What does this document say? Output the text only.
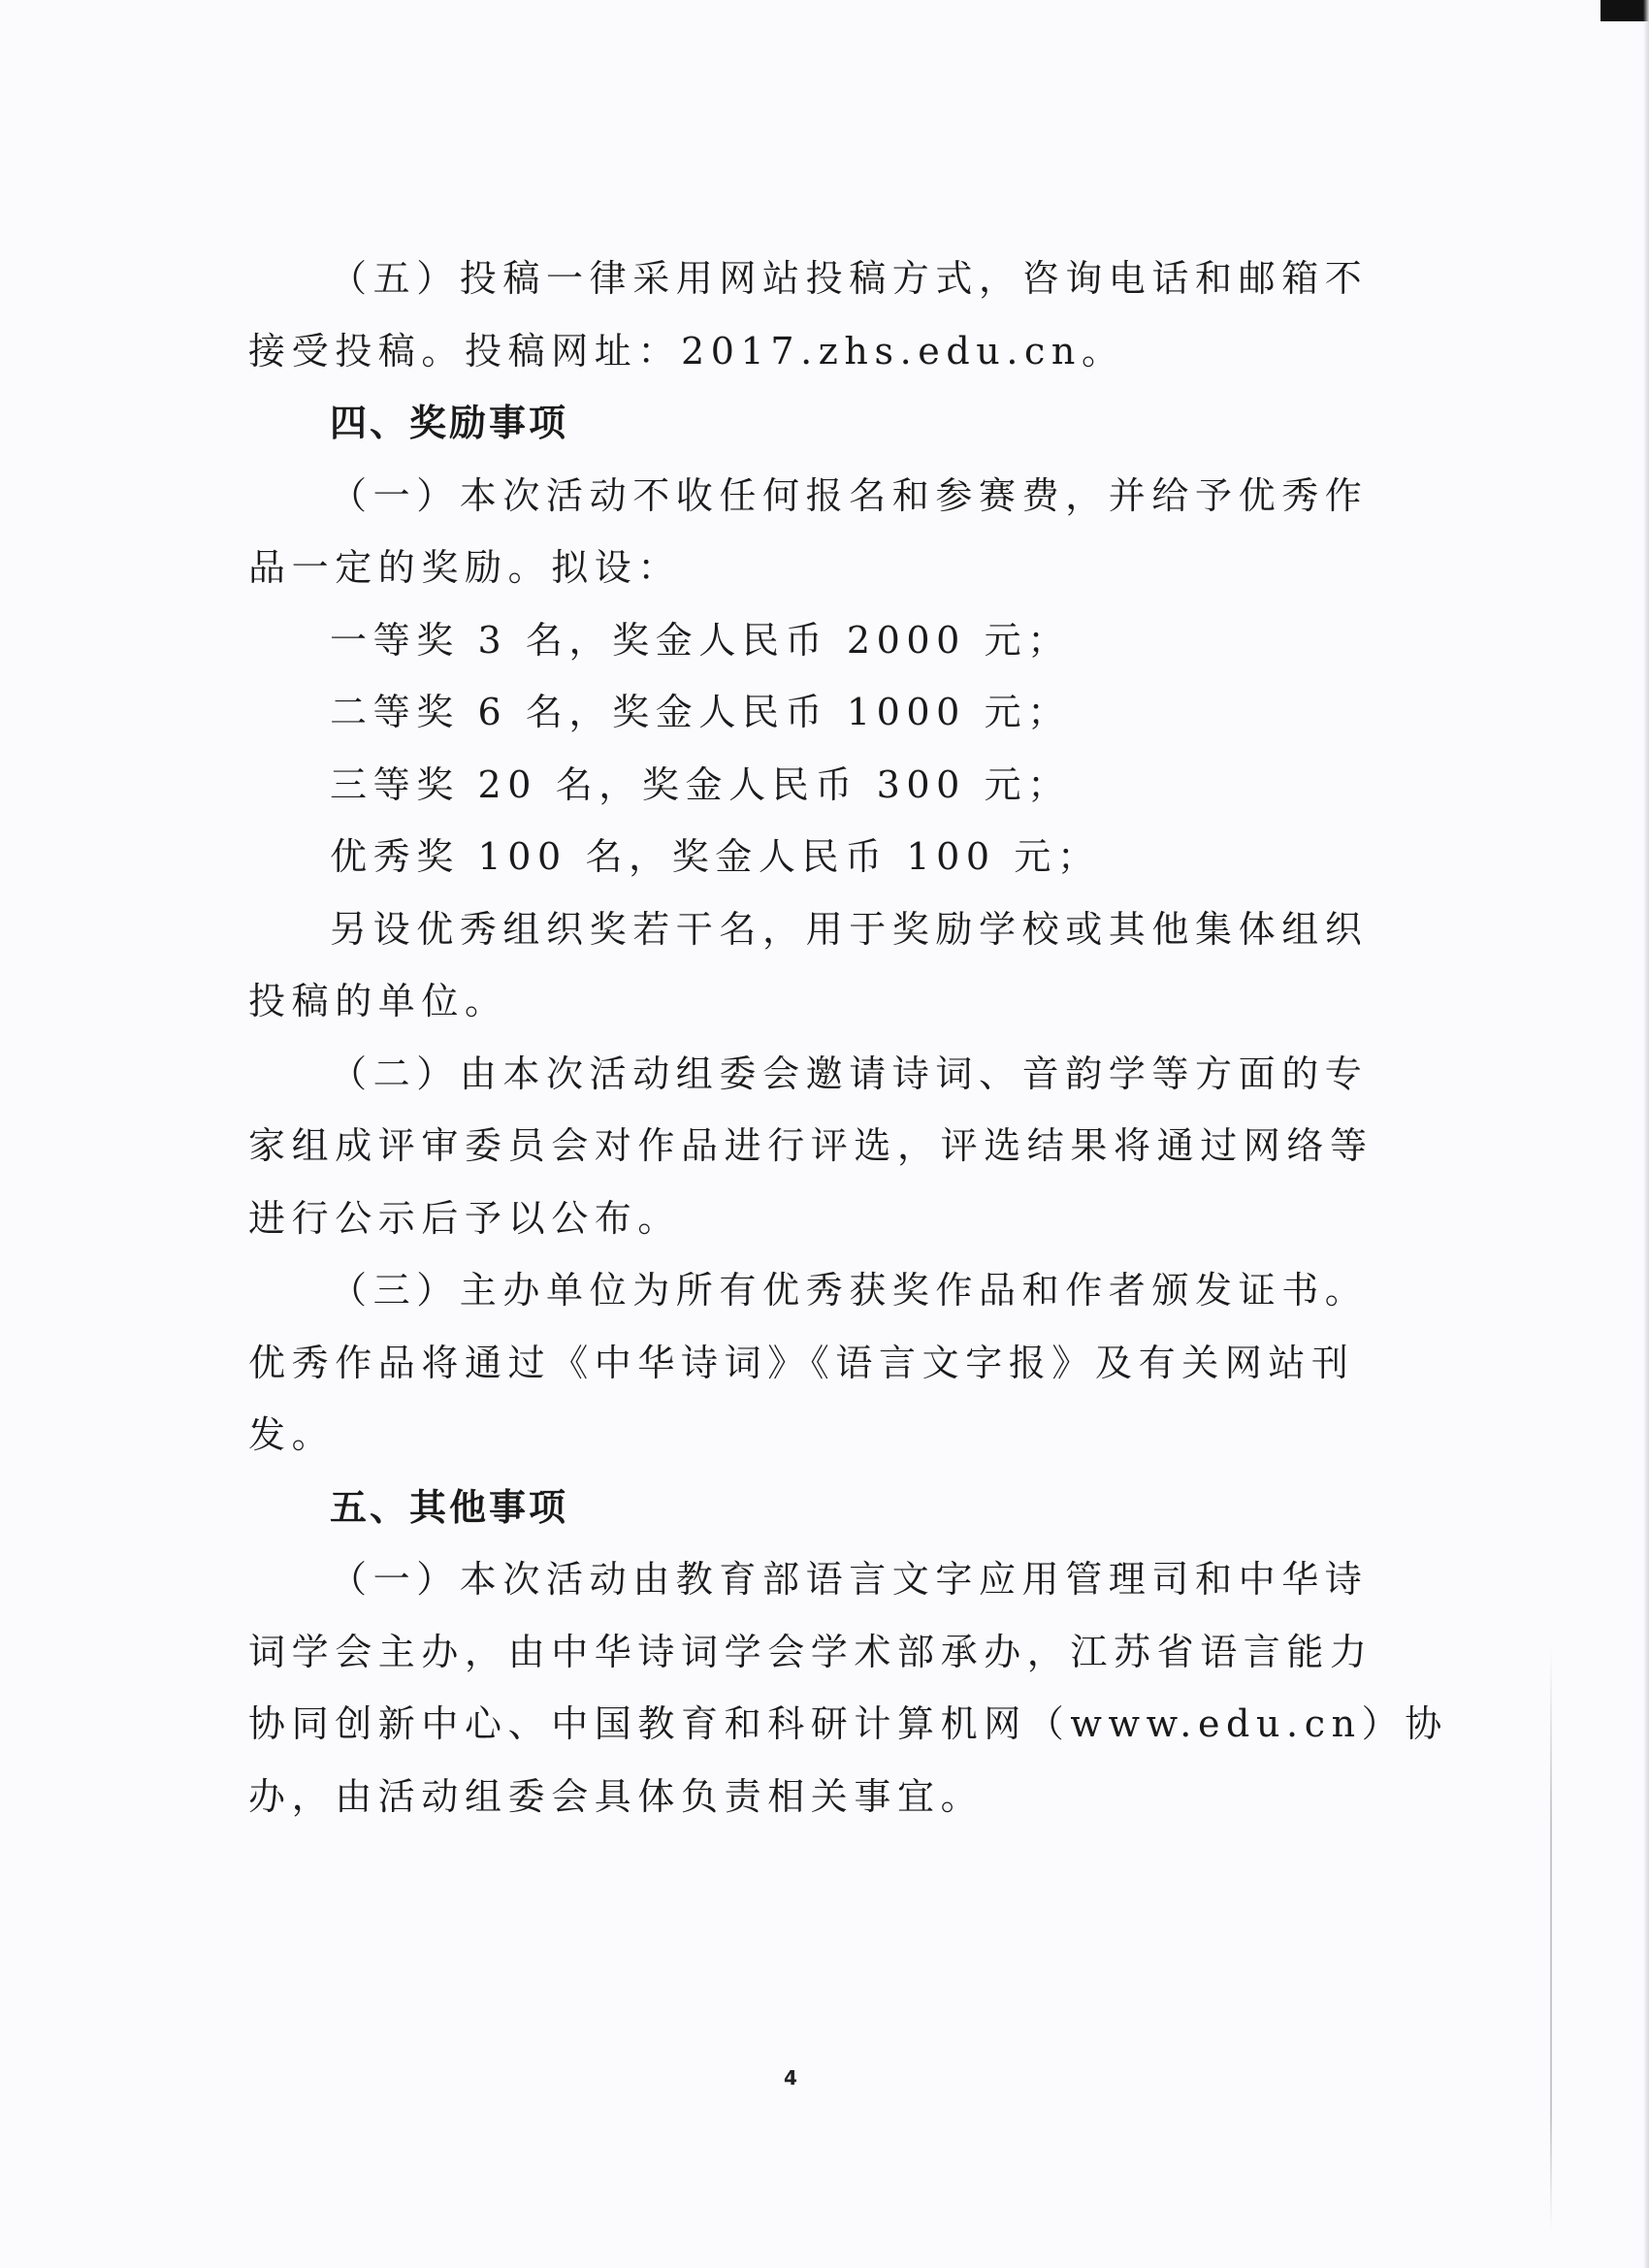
（五）投稿一律采用网站投稿方式，咨询电话和邮箱不
接受投稿。投稿网址：2017.zhs.edu.cn。
四、奖励事项
（一）本次活动不收任何报名和参赛费，并给予优秀作
品一定的奖励。拟设：
一等奖 3 名，奖金人民币 2000 元；
二等奖 6 名，奖金人民币 1000 元；
三等奖 20 名，奖金人民币 300 元；
优秀奖 100 名，奖金人民币 100 元；
另设优秀组织奖若干名，用于奖励学校或其他集体组织
投稿的单位。
（二）由本次活动组委会邀请诗词、音韵学等方面的专
家组成评审委员会对作品进行评选，评选结果将通过网络等
进行公示后予以公布。
（三）主办单位为所有优秀获奖作品和作者颁发证书。
优秀作品将通过《中华诗词》《语言文字报》及有关网站刊
发。
五、其他事项
（一）本次活动由教育部语言文字应用管理司和中华诗
词学会主办，由中华诗词学会学术部承办，江苏省语言能力
协同创新中心、中国教育和科研计算机网（www.edu.cn）协
办，由活动组委会具体负责相关事宜。
4
